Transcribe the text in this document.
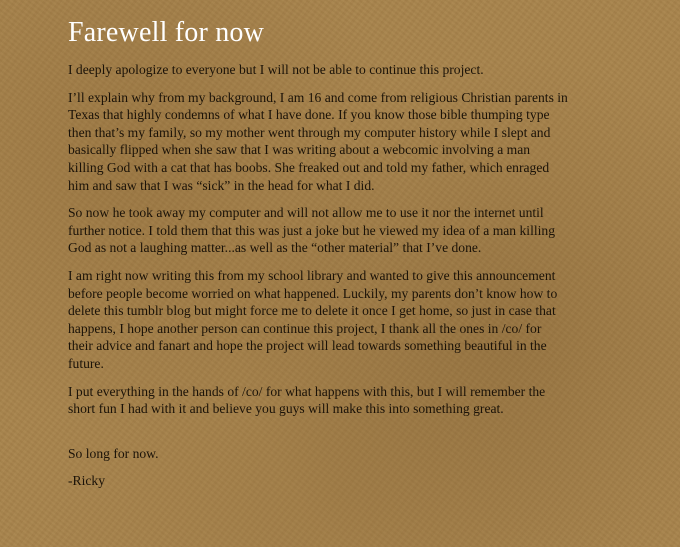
Farewell for now

I deeply apologize to everyone but I will not be able to continue this project.

I’ll explain why from my background, I am 16 and come from religious Christian parents in Texas that highly condemns of what I have done. If you know those bible thumping type then that’s my family, so my mother went through my computer history while I slept and basically flipped when she saw that I was writing about a webcomic involving a man killing God with a cat that has boobs. She freaked out and told my father, which enraged him and saw that I was “sick” in the head for what I did.

So now he took away my computer and will not allow me to use it nor the internet until further notice. I told them that this was just a joke but he viewed my idea of a man killing God as not a laughing matter...as well as the “other material” that I’ve done.

I am right now writing this from my school library and wanted to give this announcement before people become worried on what happened. Luckily, my parents don’t know how to delete this tumblr blog but might force me to delete it once I get home, so just in case that happens, I hope another person can continue this project, I thank all the ones in /co/ for their advice and fanart and hope the project will lead towards something beautiful in the future.

I put everything in the hands of /co/ for what happens with this, but I will remember the short fun I had with it and believe you guys will make this into something great.

So long for now.

-Ricky
